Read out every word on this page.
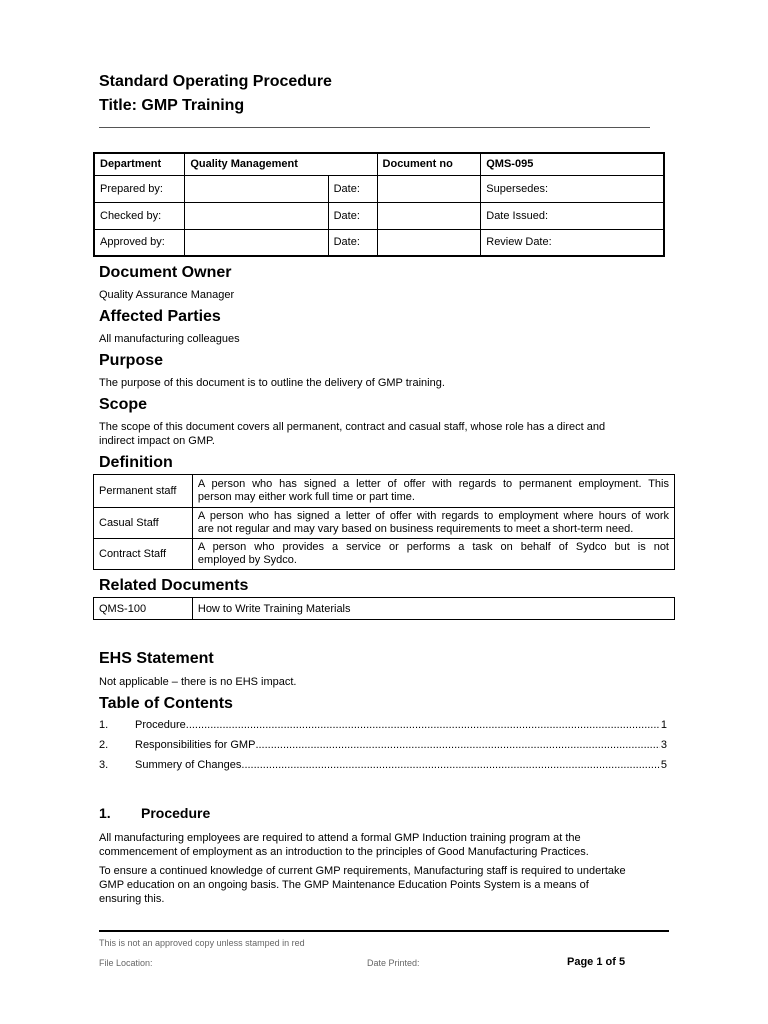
Standard Operating Procedure
Title: GMP Training
Department	Quality Management		Document no	QMS-095
Prepared by:		Date:		Supersedes:
Checked by:		Date:		Date Issued:
Approved by:		Date:		Review Date:
Document Owner
Quality Assurance Manager
Affected Parties
All manufacturing colleagues
Purpose
The purpose of this document is to outline the delivery of GMP training.
Scope
The scope of this document covers all permanent, contract and casual staff, whose role has a direct and
indirect impact on GMP.
Definition
Permanent staff	A person who has signed a letter of offer with regards to permanent employment. This
person may either work full time or part time.

Casual Staff	A person who has signed a letter of offer with regards to employment where hours of work
are not regular and may vary based on business requirements to meet a short-term need.

Contract Staff	A person who provides a service or performs a task on behalf of Sydco but is not
employed by Sydco.
Related Documents
QMS-100	How to Write Training Materials
EHS Statement
Not applicable – there is no EHS impact.
Table of Contents
1.	Procedure .....	1
2.	Responsibilities for GMP .....	3
3.	Summery of Changes .....	5
1. Procedure
All manufacturing employees are required to attend a formal GMP Induction training program at the
commencement of employment as an introduction to the principles of Good Manufacturing Practices.
To ensure a continued knowledge of current GMP requirements, Manufacturing staff is required to undertake
GMP education on an ongoing basis. The GMP Maintenance Education Points System is a means of
ensuring this.
This is not an approved copy unless stamped in red
File Location:	Date Printed:	Page 1 of 5
